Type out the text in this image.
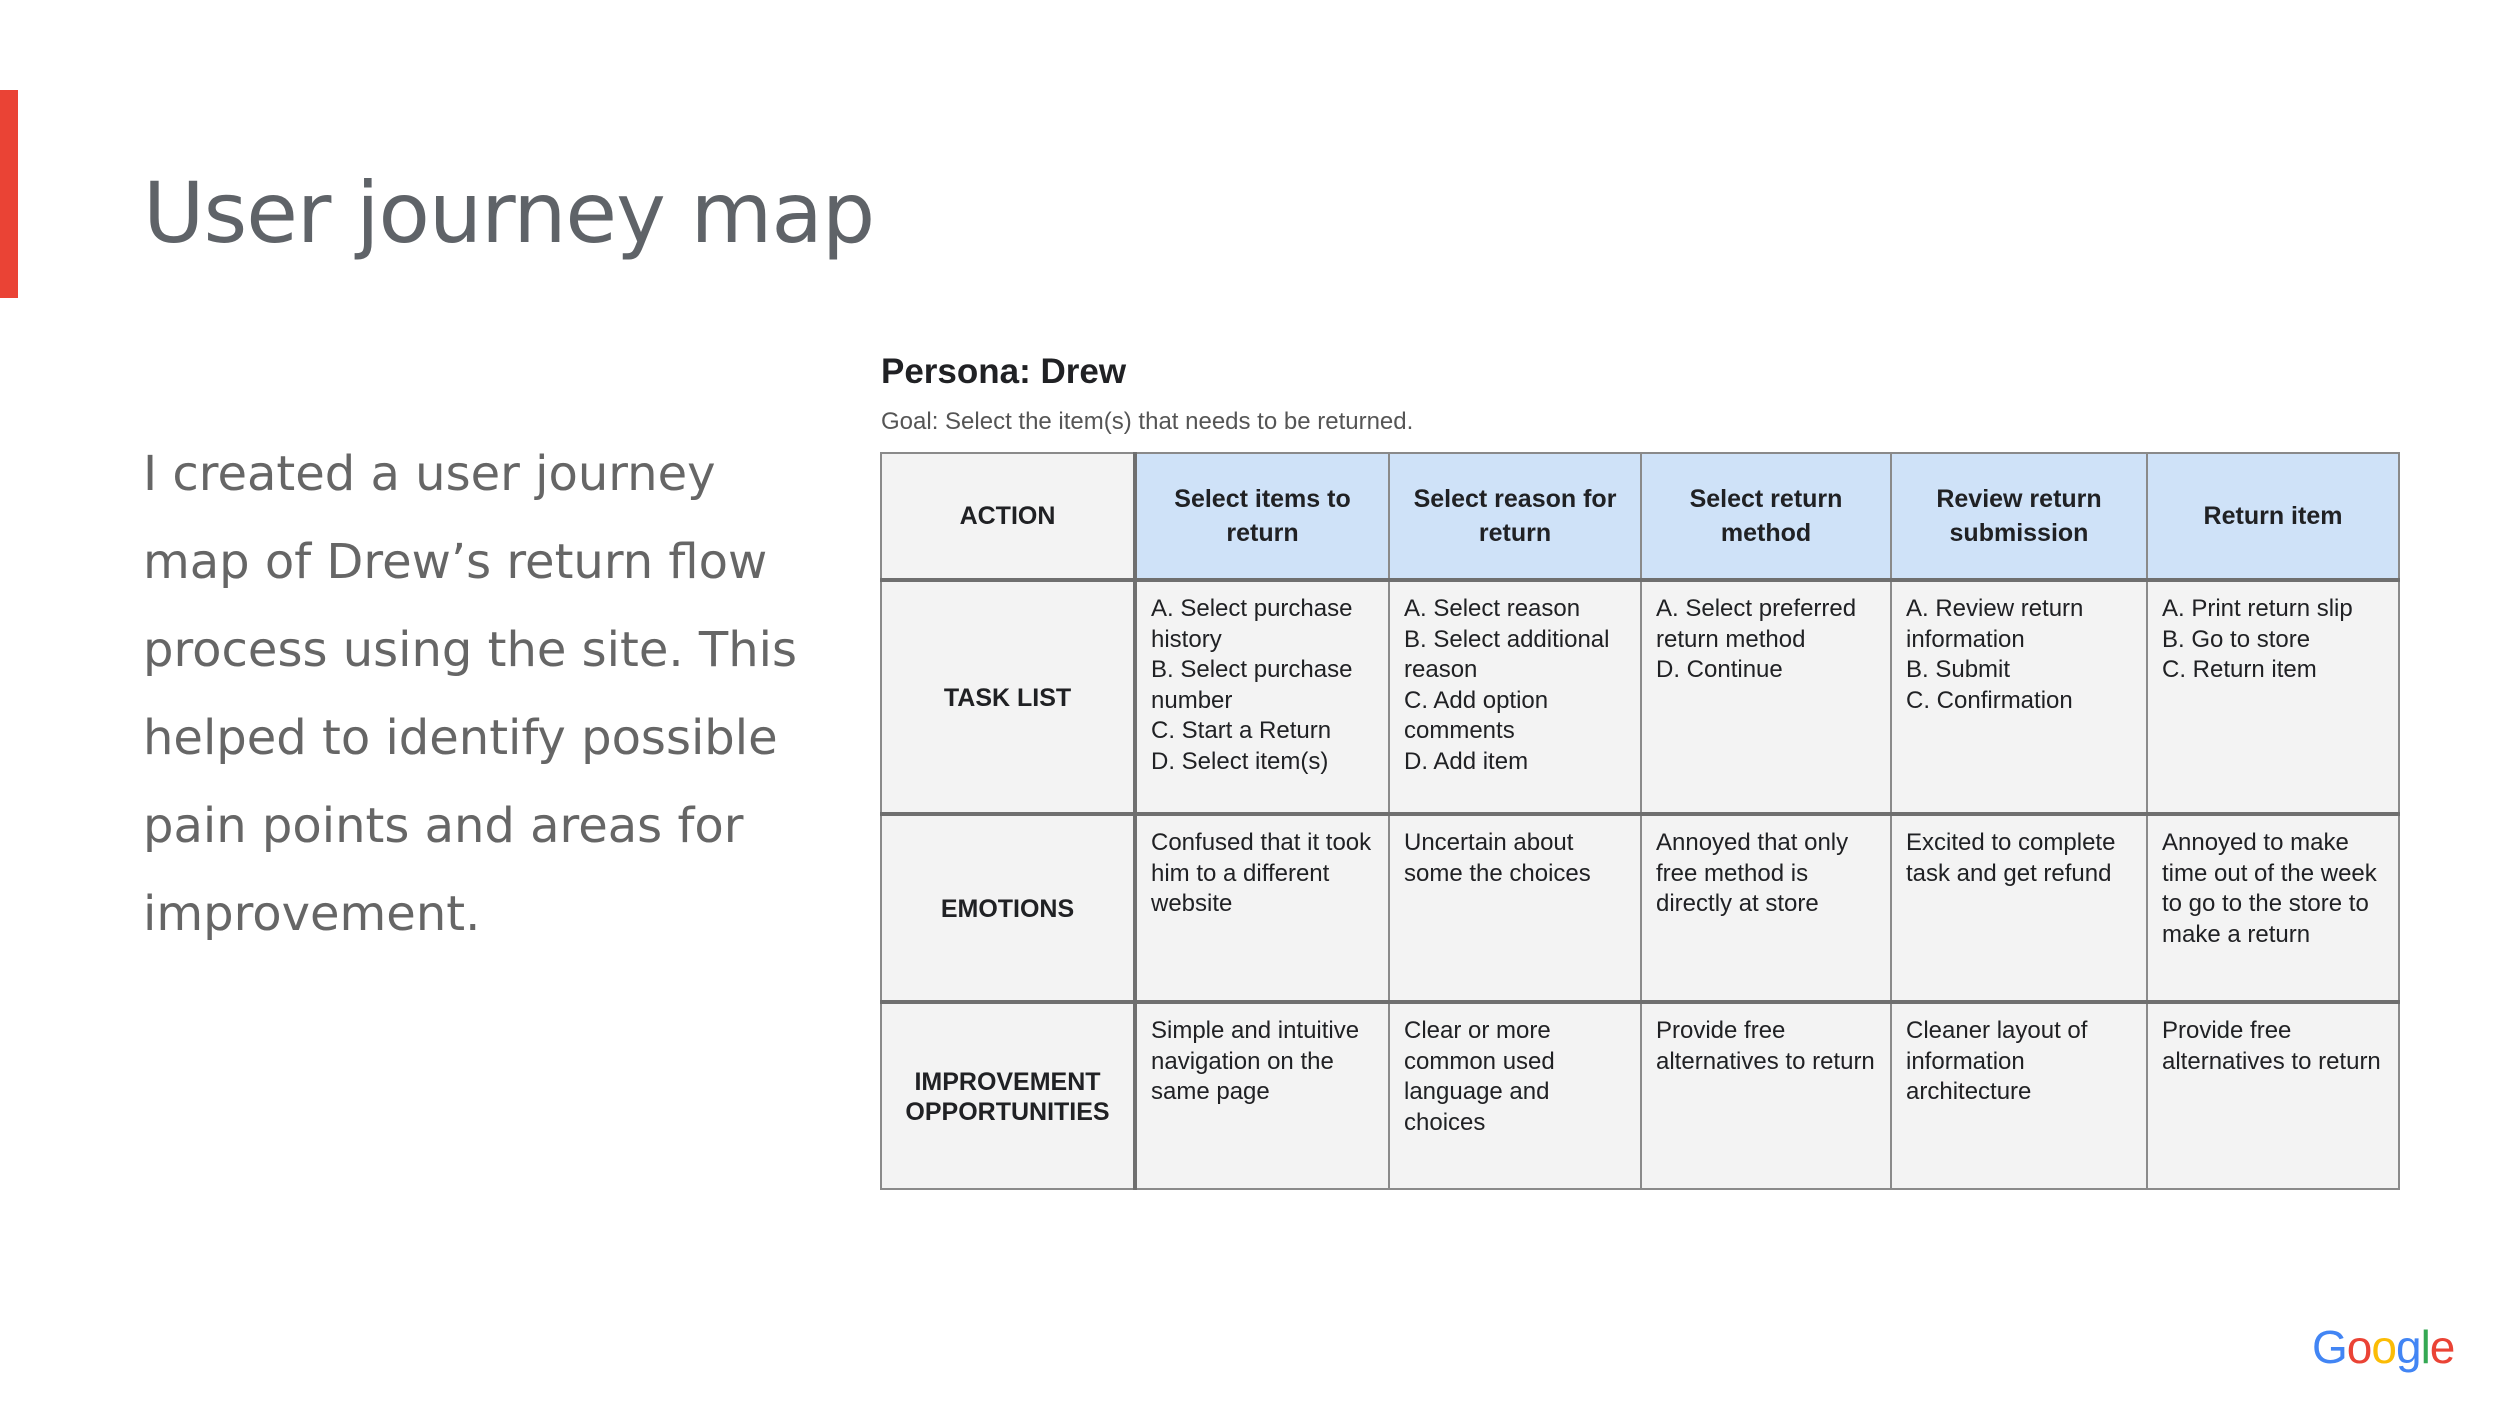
User journey map

I created a user journey map of Drew’s return flow process using the site. This helped to identify possible pain points and areas for improvement.

Persona: Drew

Goal: Select the item(s) that needs to be returned.

ACTION	Select items to return	Select reason for return	Select return method	Review return submission	Return item
TASK LIST	A. Select purchase history
B. Select purchase number
C. Start a Return
D. Select item(s)	A. Select reason
B. Select additional reason
C. Add option comments
D. Add item	A. Select preferred return method
D. Continue	A. Review return information
B. Submit
C. Confirmation	A. Print return slip
B. Go to store
C. Return item

EMOTIONS	Confused that it took him to a different website	Uncertain about some the choices	Annoyed that only free method is directly at store	Excited to complete task and get refund	Annoyed to make time out of the week to go to the store to make a return

IMPROVEMENT OPPORTUNITIES	Simple and intuitive navigation on the same page	Clear or more common used language and choices	Provide free alternatives to return	Cleaner layout of information architecture	Provide free alternatives to return
Google
